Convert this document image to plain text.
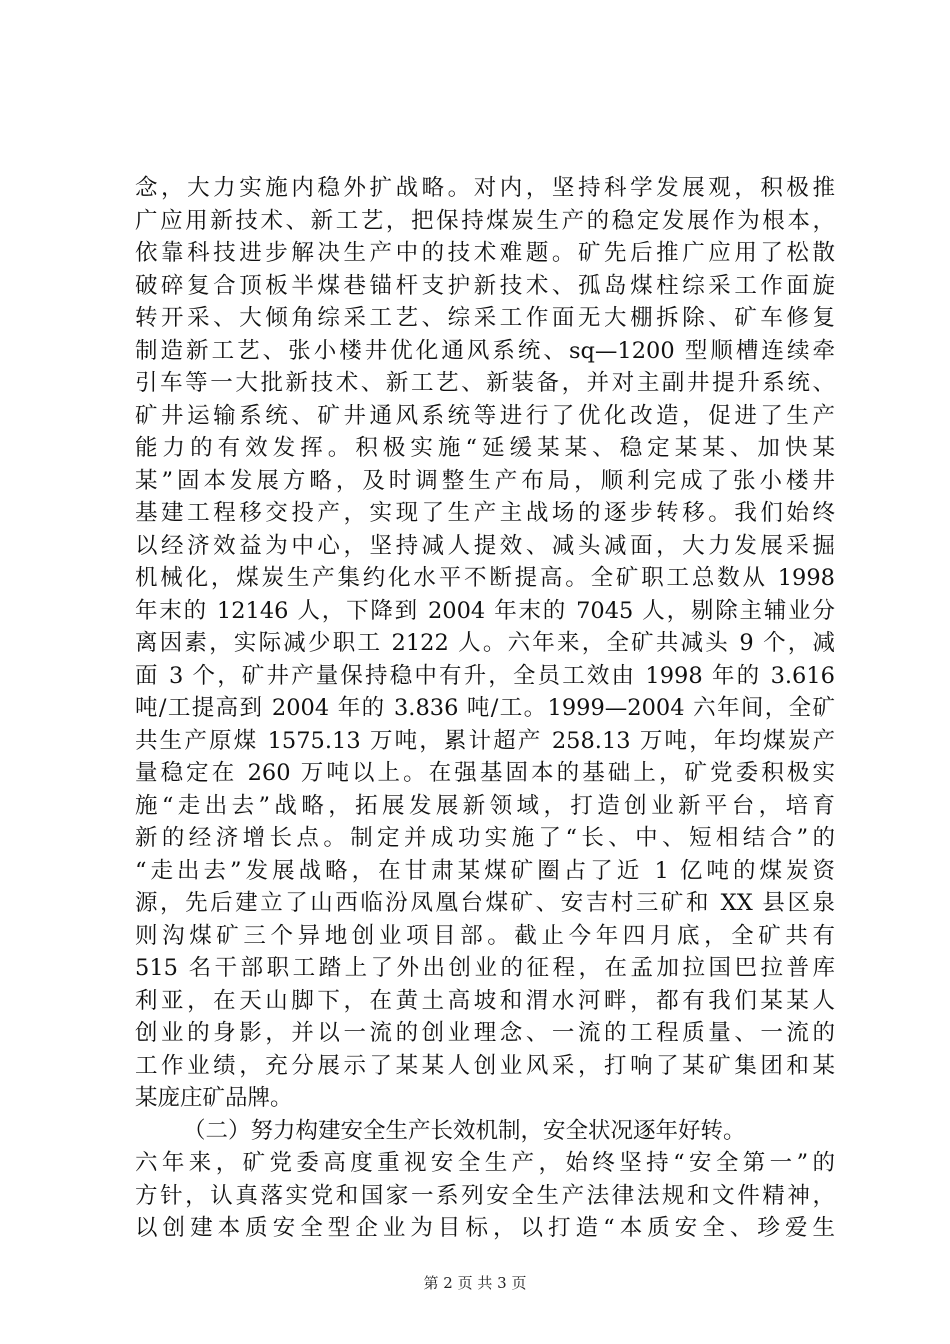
念，大力实施内稳外扩战略。对内，坚持科学发展观，积极推
广应用新技术、新工艺，把保持煤炭生产的稳定发展作为根本，
依靠科技进步解决生产中的技术难题。矿先后推广应用了松散
破碎复合顶板半煤巷锚杆支护新技术、孤岛煤柱综采工作面旋
转开采、大倾角综采工艺、综采工作面无大棚拆除、矿车修复
制造新工艺、张小楼井优化通风系统、sq—1200 型顺槽连续牵
引车等一大批新技术、新工艺、新装备，并对主副井提升系统、
矿井运输系统、矿井通风系统等进行了优化改造，促进了生产
能力的有效发挥。积极实施“延缓某某、稳定某某、加快某
某”固本发展方略，及时调整生产布局，顺利完成了张小楼井
基建工程移交投产，实现了生产主战场的逐步转移。我们始终
以经济效益为中心，坚持减人提效、减头减面，大力发展采掘
机械化，煤炭生产集约化水平不断提高。全矿职工总数从 1998
年末的 12146 人，下降到 2004 年末的 7045 人，剔除主辅业分
离因素，实际减少职工 2122 人。六年来，全矿共减头 9 个，减
面 3 个，矿井产量保持稳中有升，全员工效由 1998 年的 3.616
吨/工提高到 2004 年的 3.836 吨/工。1999—2004 六年间，全矿
共生产原煤 1575.13 万吨，累计超产 258.13 万吨，年均煤炭产
量稳定在 260 万吨以上。在强基固本的基础上，矿党委积极实
施“走出去”战略，拓展发展新领域，打造创业新平台，培育
新的经济增长点。制定并成功实施了“长、中、短相结合”的
“走出去”发展战略，在甘肃某煤矿圈占了近 1 亿吨的煤炭资
源，先后建立了山西临汾凤凰台煤矿、安吉村三矿和 XX 县区泉
则沟煤矿三个异地创业项目部。截止今年四月底，全矿共有
515 名干部职工踏上了外出创业的征程，在孟加拉国巴拉普库
利亚，在天山脚下，在黄土高坡和渭水河畔，都有我们某某人
创业的身影，并以一流的创业理念、一流的工程质量、一流的
工作业绩，充分展示了某某人创业风采，打响了某矿集团和某
某庞庄矿品牌。
（二）努力构建安全生产长效机制，安全状况逐年好转。
六年来，矿党委高度重视安全生产，始终坚持“安全第一”的
方针，认真落实党和国家一系列安全生产法律法规和文件精神，
以创建本质安全型企业为目标，以打造“本质安全、珍爱生
第 2 页 共 3 页
